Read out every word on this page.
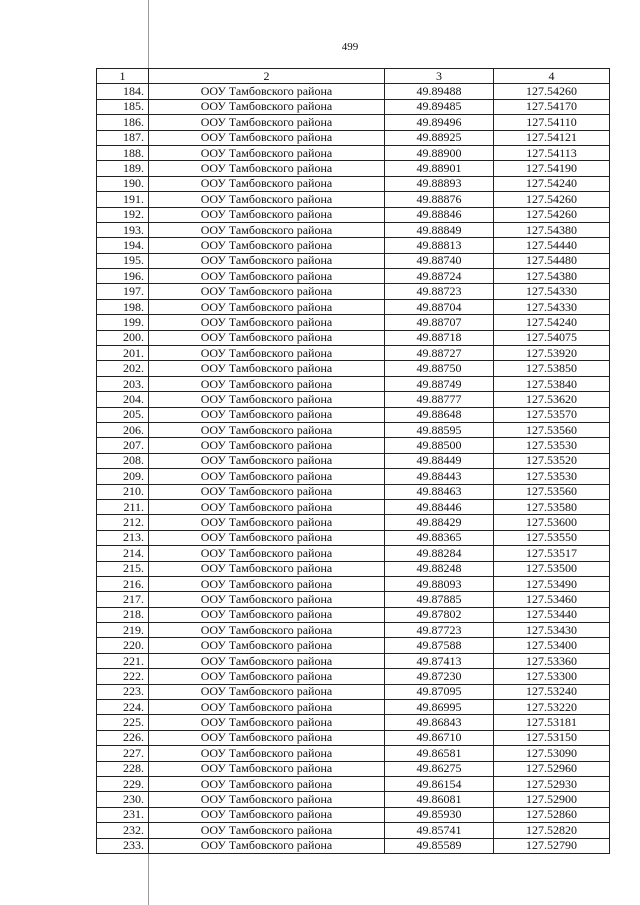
499
1	2	3	4
184.	ООУ Тамбовского района	49.89488	127.54260
185.	ООУ Тамбовского района	49.89485	127.54170
186.	ООУ Тамбовского района	49.89496	127.54110
187.	ООУ Тамбовского района	49.88925	127.54121
188.	ООУ Тамбовского района	49.88900	127.54113
189.	ООУ Тамбовского района	49.88901	127.54190
190.	ООУ Тамбовского района	49.88893	127.54240
191.	ООУ Тамбовского района	49.88876	127.54260
192.	ООУ Тамбовского района	49.88846	127.54260
193.	ООУ Тамбовского района	49.88849	127.54380
194.	ООУ Тамбовского района	49.88813	127.54440
195.	ООУ Тамбовского района	49.88740	127.54480
196.	ООУ Тамбовского района	49.88724	127.54380
197.	ООУ Тамбовского района	49.88723	127.54330
198.	ООУ Тамбовского района	49.88704	127.54330
199.	ООУ Тамбовского района	49.88707	127.54240
200.	ООУ Тамбовского района	49.88718	127.54075
201.	ООУ Тамбовского района	49.88727	127.53920
202.	ООУ Тамбовского района	49.88750	127.53850
203.	ООУ Тамбовского района	49.88749	127.53840
204.	ООУ Тамбовского района	49.88777	127.53620
205.	ООУ Тамбовского района	49.88648	127.53570
206.	ООУ Тамбовского района	49.88595	127.53560
207.	ООУ Тамбовского района	49.88500	127.53530
208.	ООУ Тамбовского района	49.88449	127.53520
209.	ООУ Тамбовского района	49.88443	127.53530
210.	ООУ Тамбовского района	49.88463	127.53560
211.	ООУ Тамбовского района	49.88446	127.53580
212.	ООУ Тамбовского района	49.88429	127.53600
213.	ООУ Тамбовского района	49.88365	127.53550
214.	ООУ Тамбовского района	49.88284	127.53517
215.	ООУ Тамбовского района	49.88248	127.53500
216.	ООУ Тамбовского района	49.88093	127.53490
217.	ООУ Тамбовского района	49.87885	127.53460
218.	ООУ Тамбовского района	49.87802	127.53440
219.	ООУ Тамбовского района	49.87723	127.53430
220.	ООУ Тамбовского района	49.87588	127.53400
221.	ООУ Тамбовского района	49.87413	127.53360
222.	ООУ Тамбовского района	49.87230	127.53300
223.	ООУ Тамбовского района	49.87095	127.53240
224.	ООУ Тамбовского района	49.86995	127.53220
225.	ООУ Тамбовского района	49.86843	127.53181
226.	ООУ Тамбовского района	49.86710	127.53150
227.	ООУ Тамбовского района	49.86581	127.53090
228.	ООУ Тамбовского района	49.86275	127.52960
229.	ООУ Тамбовского района	49.86154	127.52930
230.	ООУ Тамбовского района	49.86081	127.52900
231.	ООУ Тамбовского района	49.85930	127.52860
232.	ООУ Тамбовского района	49.85741	127.52820
233.	ООУ Тамбовского района	49.85589	127.52790
